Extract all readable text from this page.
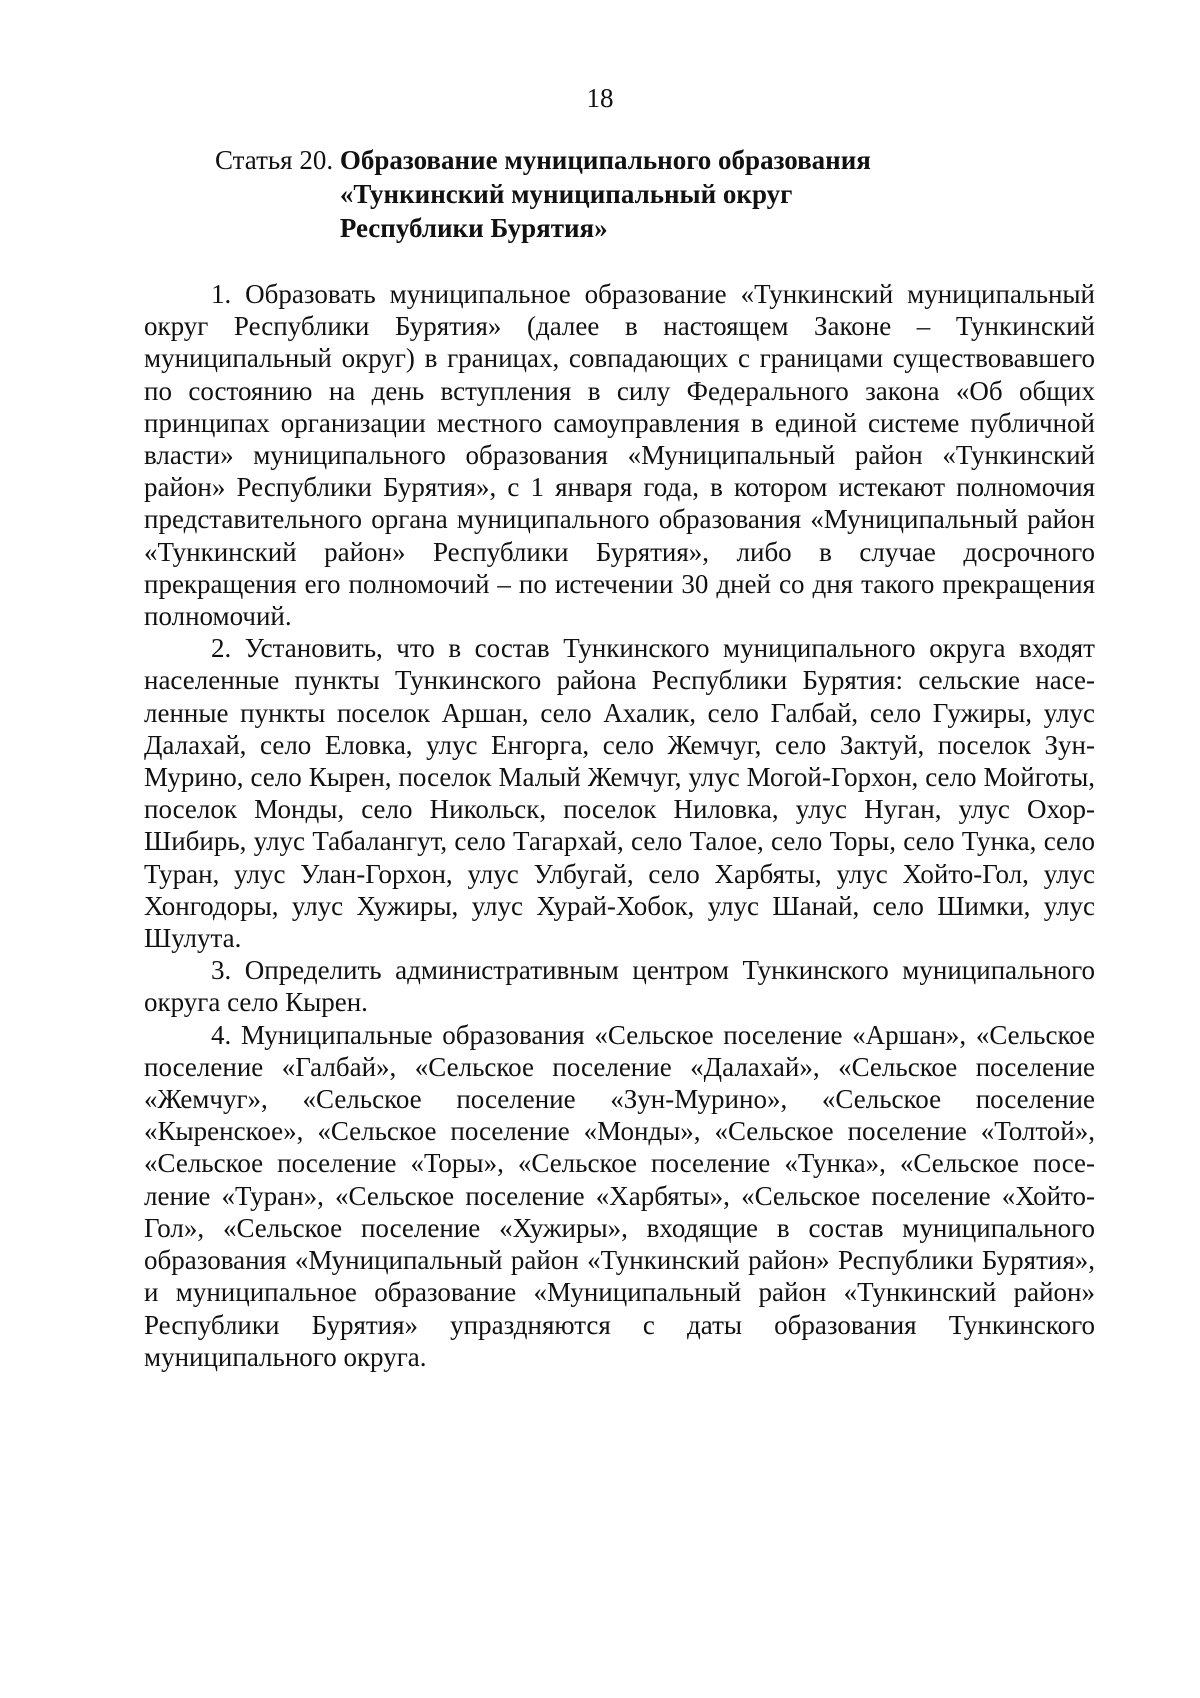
18
Статья 20. Образование муниципального образования
«Тункинский муниципальный округ
Республики Бурятия»

1. Образовать муниципальное образование «Тункинский муниципальный округ Республики Бурятия» (далее в настоящем Законе – Тункинский муниципальный округ) в границах, совпадающих с границами существовавшего по состоянию на день вступления в силу Федерального закона «Об общих принципах организации местного самоуправления в единой системе публичной власти» муниципального образования «Муниципальный район «Тункинский район» Республики Бурятия», с 1 января года, в котором истекают полномочия представительного органа муниципального образования «Муниципальный район «Тункинский район» Республики Бурятия», либо в случае досрочного прекращения его полномочий – по истечении 30 дней со дня такого прекращения полномочий.

2. Установить, что в состав Тункинского муниципального округа входят населенные пункты Тункинского района Республики Бурятия: сельские населенные пункты поселок Аршан, село Ахалик, село Галбай, село Гужиры, улус Далахай, село Еловка, улус Енгорга, село Жемчуг, село Зактуй, поселок Зун-Мурино, село Кырен, поселок Малый Жемчуг, улус Могой-Горхон, село Мойготы, поселок Монды, село Никольск, поселок Ниловка, улус Нуган, улус Охор-Шибирь, улус Табалангут, село Тагархай, село Талое, село Торы, село Тунка, село Туран, улус Улан-Горхон, улус Улбугай, село Харбяты, улус Хойто-Гол, улус Хонгодоры, улус Хужиры, улус Хурай-Хобок, улус Шанай, село Шимки, улус Шулута.

3. Определить административным центром Тункинского муниципального округа село Кырен.

4. Муниципальные образования «Сельское поселение «Аршан», «Сельское поселение «Галбай», «Сельское поселение «Далахай», «Сельское поселение «Жемчуг», «Сельское поселение «Зун-Мурино», «Сельское поселение «Кыренское», «Сельское поселение «Монды», «Сельское поселение «Толтой», «Сельское поселение «Торы», «Сельское поселение «Тунка», «Сельское поселение «Туран», «Сельское поселение «Харбяты», «Сельское поселение «Хойто-Гол», «Сельское поселение «Хужиры», входящие в состав муниципального образования «Муниципальный район «Тункинский район» Республики Бурятия», и муниципальное образование «Муниципальный район «Тункинский район» Республики Бурятия» упраздняются с даты образования Тункинского муниципального округа.
